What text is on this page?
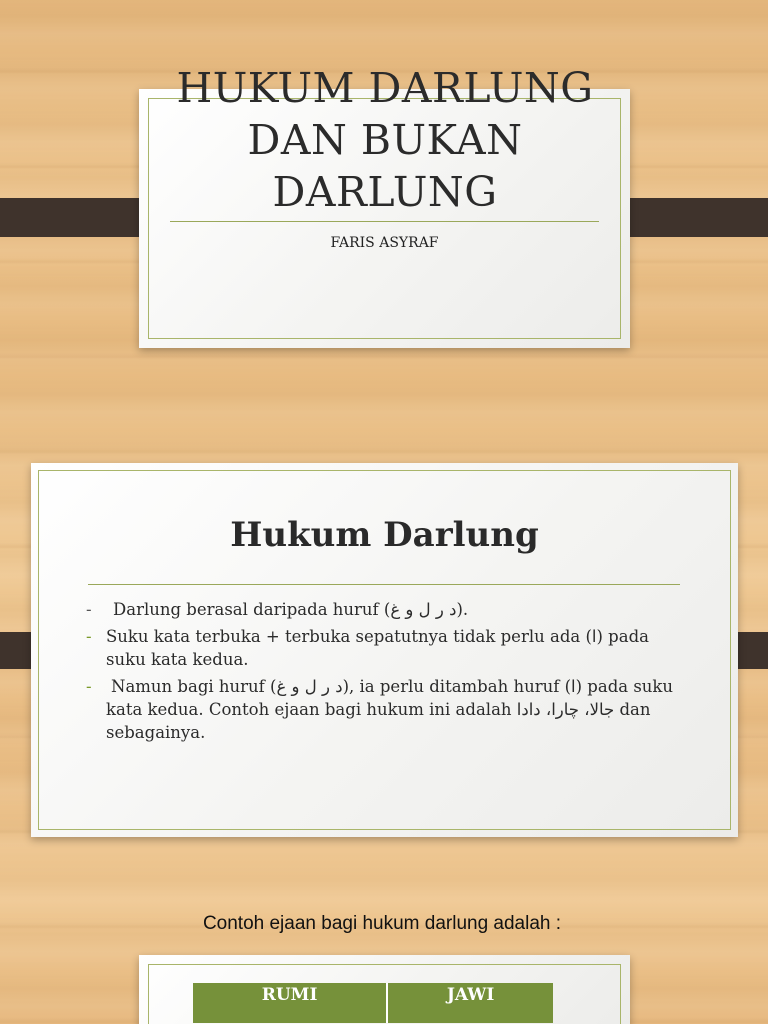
FARIS ASYRAF
HUKUM DARLUNG DAN BUKAN DARLUNG
Hukum Darlung
- Darlung berasal daripada huruf (د ر ل و غ).
- Suku kata terbuka + terbuka sepatutnya tidak perlu ada (ا) pada suku kata kedua.
- Namun bagi huruf (د ر ل و غ), ia perlu ditambah huruf (ا) pada suku kata kedua. Contoh ejaan bagi hukum ini adalah جالا، چارا، دادا dan sebagainya.
Contoh ejaan bagi hukum darlung adalah :
RUMI	JAWI
